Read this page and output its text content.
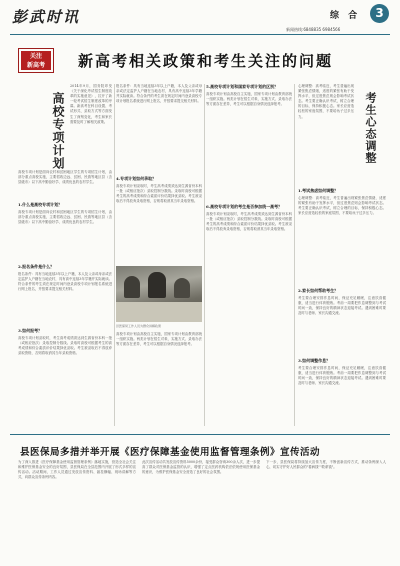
彭武时讯	综 合	3
新闻热线:6848835 6984566
关注
新高考	新高考相关政策和考生关注的问题
高校专项计划
2014年9月，国务院印发《关于深化考试招生制度改革的实施意见》，拉开了新一轮考试招生制度改革的序幕。新高考在科目设置、考试形式、录取方式等方面发生了深刻变化，考生和家长需要及时了解相关政策。
高校专项计划是面向农村和贫困地区学生的专项招生计划，由部分重点高校实施，主要招收边远、贫困、民族等地区县（含县级市）以下高中勤奋好学、成绩优良的农村学生。
1.什么是高校专项计划？
高校专项计划是面向农村和贫困地区学生的专项招生计划，由部分重点高校实施，主要招收边远、贫困、民族等地区县（含县级市）以下高中勤奋好学、成绩优良的农村学生。
2.报名条件是什么？
报名条件：具有当地连续3年以上户籍，本人及父亲或母亲或法定监护人户籍在当地农村，具有高中连续3年学籍并实际就读。符合条件的考生须在规定时间内登录高校专项计划报名系统进行网上报名，并按要求提交相关材料。
3.如何报考？
高校专项计划录取时，考生高考成绩须达到生源省份本科一批（或相应批次）录取控制分数线。录取时高校可根据考生的高考成绩和综合素质评价结果择优录取。考生被录取后不得放弃录取资格，否则将取消其当年录取资格。
报名条件：具有当地连续3年以上户籍，本人及父亲或母亲或法定监护人户籍在当地农村，具有高中连续3年学籍并实际就读。符合条件的考生须在规定时间内登录高校专项计划报名系统进行网上报名，并按要求提交相关材料。
4.专项计划如何录取？
高校专项计划录取时，考生高考成绩须达到生源省份本科一批（或相应批次）录取控制分数线。录取时高校可根据考生的高考成绩和综合素质评价结果择优录取。考生被录取后不得放弃录取资格，否则将取消其当年录取资格。
县医保局工作人员为群众讲解政策
高校专项计划由高校自主实施，国家专项计划由教育部统一组织实施。两类计划在招生对象、实施方式、录取办法等方面存在差异，考生可以根据自身情况选择报考。
5.高校专项计划和国家专项计划的区别？
高校专项计划由高校自主实施，国家专项计划由教育部统一组织实施。两类计划在招生对象、实施方式、录取办法等方面存在差异，考生可以根据自身情况选择报考。
6.高校专项计划的考生是否参加统一高考？
高校专项计划录取时，考生高考成绩须达到生源省份本科一批（或相应批次）录取控制分数线。录取时高校可根据考生的高考成绩和综合素质评价结果择优录取。考生被录取后不得放弃录取资格，否则将取消其当年录取资格。
心理调整：高考临近，考生普遍出现紧张焦虑情绪，适度的紧张有助于发挥水平，但过度焦虑则会影响考试状态。考生要正确认识考试，树立合理的目标，保持积极心态。家长应营造轻松的家庭氛围，不要给孩子过多压力。	考生心态调整
1.考试焦虑如何调整？
心理调整：高考临近，考生普遍出现紧张焦虑情绪，适度的紧张有助于发挥水平，但过度焦虑则会影响考试状态。考生要正确认识考试，树立合理的目标，保持积极心态。家长应营造轻松的家庭氛围，不要给孩子过多压力。
2.家长如何帮助考生？
考生要合理安排作息时间，保证充足睡眠，注意饮食健康，适当进行体育锻炼。考前一周要把作息调整到与考试时间一致，保持良好的精神状态迎接考试。遇到困难时要及时与老师、家长沟通交流。
3.如何调整作息？
考生要合理安排作息时间，保证充足睡眠，注意饮食健康，适当进行体育锻炼。考前一周要把作息调整到与考试时间一致，保持良好的精神状态迎接考试。遇到困难时要及时与老师、家长沟通交流。
县医保局多措并举开展《医疗保障基金使用监督管理条例》宣传活动
为了深入推进《医疗保障基金使用监督管理条例》落地实施，营造全社会关注和维护医保基金安全的良好氛围，县医保局在全县范围内开展了形式多样的宣传活动。活动期间，工作人员通过发放宣传资料、悬挂横幅、现场讲解等方式，向群众宣传条例内容。
此次宣传活动共发放宣传资料5000余份，接受群众咨询300余人次，进一步提高了群众对医保基金监管的认识，增强了定点医药机构依法依规使用医保基金的意识，为维护医保基金安全营造了良好的社会氛围。
下一步，县医保局将持续加大宣传力度，不断创新宣传方式，推动条例深入人心，切实守护好人民群众的"看病钱""救命钱"。
